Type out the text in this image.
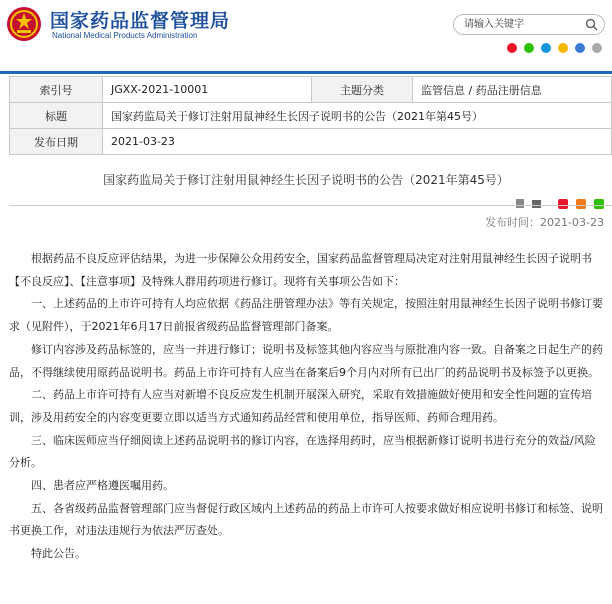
国家药品监督管理局
National Medical Products Administration
请输入关键字

索引号	JGXX-2021-10001	主题分类	监管信息 / 药品注册信息
标题	国家药监局关于修订注射用鼠神经生长因子说明书的公告（2021年第45号）		
发布日期	2021-03-23		
国家药监局关于修订注射用鼠神经生长因子说明书的公告（2021年第45号）

发布时间：2021-03-23

根据药品不良反应评估结果，为进一步保障公众用药安全，国家药品监督管理局决定对注射用鼠神经生长因子说明书【不良反应】、【注意事项】及特殊人群用药项进行修订。现将有关事项公告如下：

一、上述药品的上市许可持有人均应依据《药品注册管理办法》等有关规定，按照注射用鼠神经生长因子说明书修订要求（见附件），于2021年6月17日前报省级药品监督管理部门备案。

修订内容涉及药品标签的，应当一并进行修订；说明书及标签其他内容应当与原批准内容一致。自备案之日起生产的药品，不得继续使用原药品说明书。药品上市许可持有人应当在备案后9个月内对所有已出厂的药品说明书及标签予以更换。

二、药品上市许可持有人应当对新增不良反应发生机制开展深入研究，采取有效措施做好使用和安全性问题的宣传培训，涉及用药安全的内容变更要立即以适当方式通知药品经营和使用单位，指导医师、药师合理用药。

三、临床医师应当仔细阅读上述药品说明书的修订内容，在选择用药时，应当根据新修订说明书进行充分的效益/风险分析。

四、患者应严格遵医嘱用药。

五、各省级药品监督管理部门应当督促行政区域内上述药品的药品上市许可人按要求做好相应说明书修订和标签、说明书更换工作，对违法违规行为依法严厉查处。

特此公告。
